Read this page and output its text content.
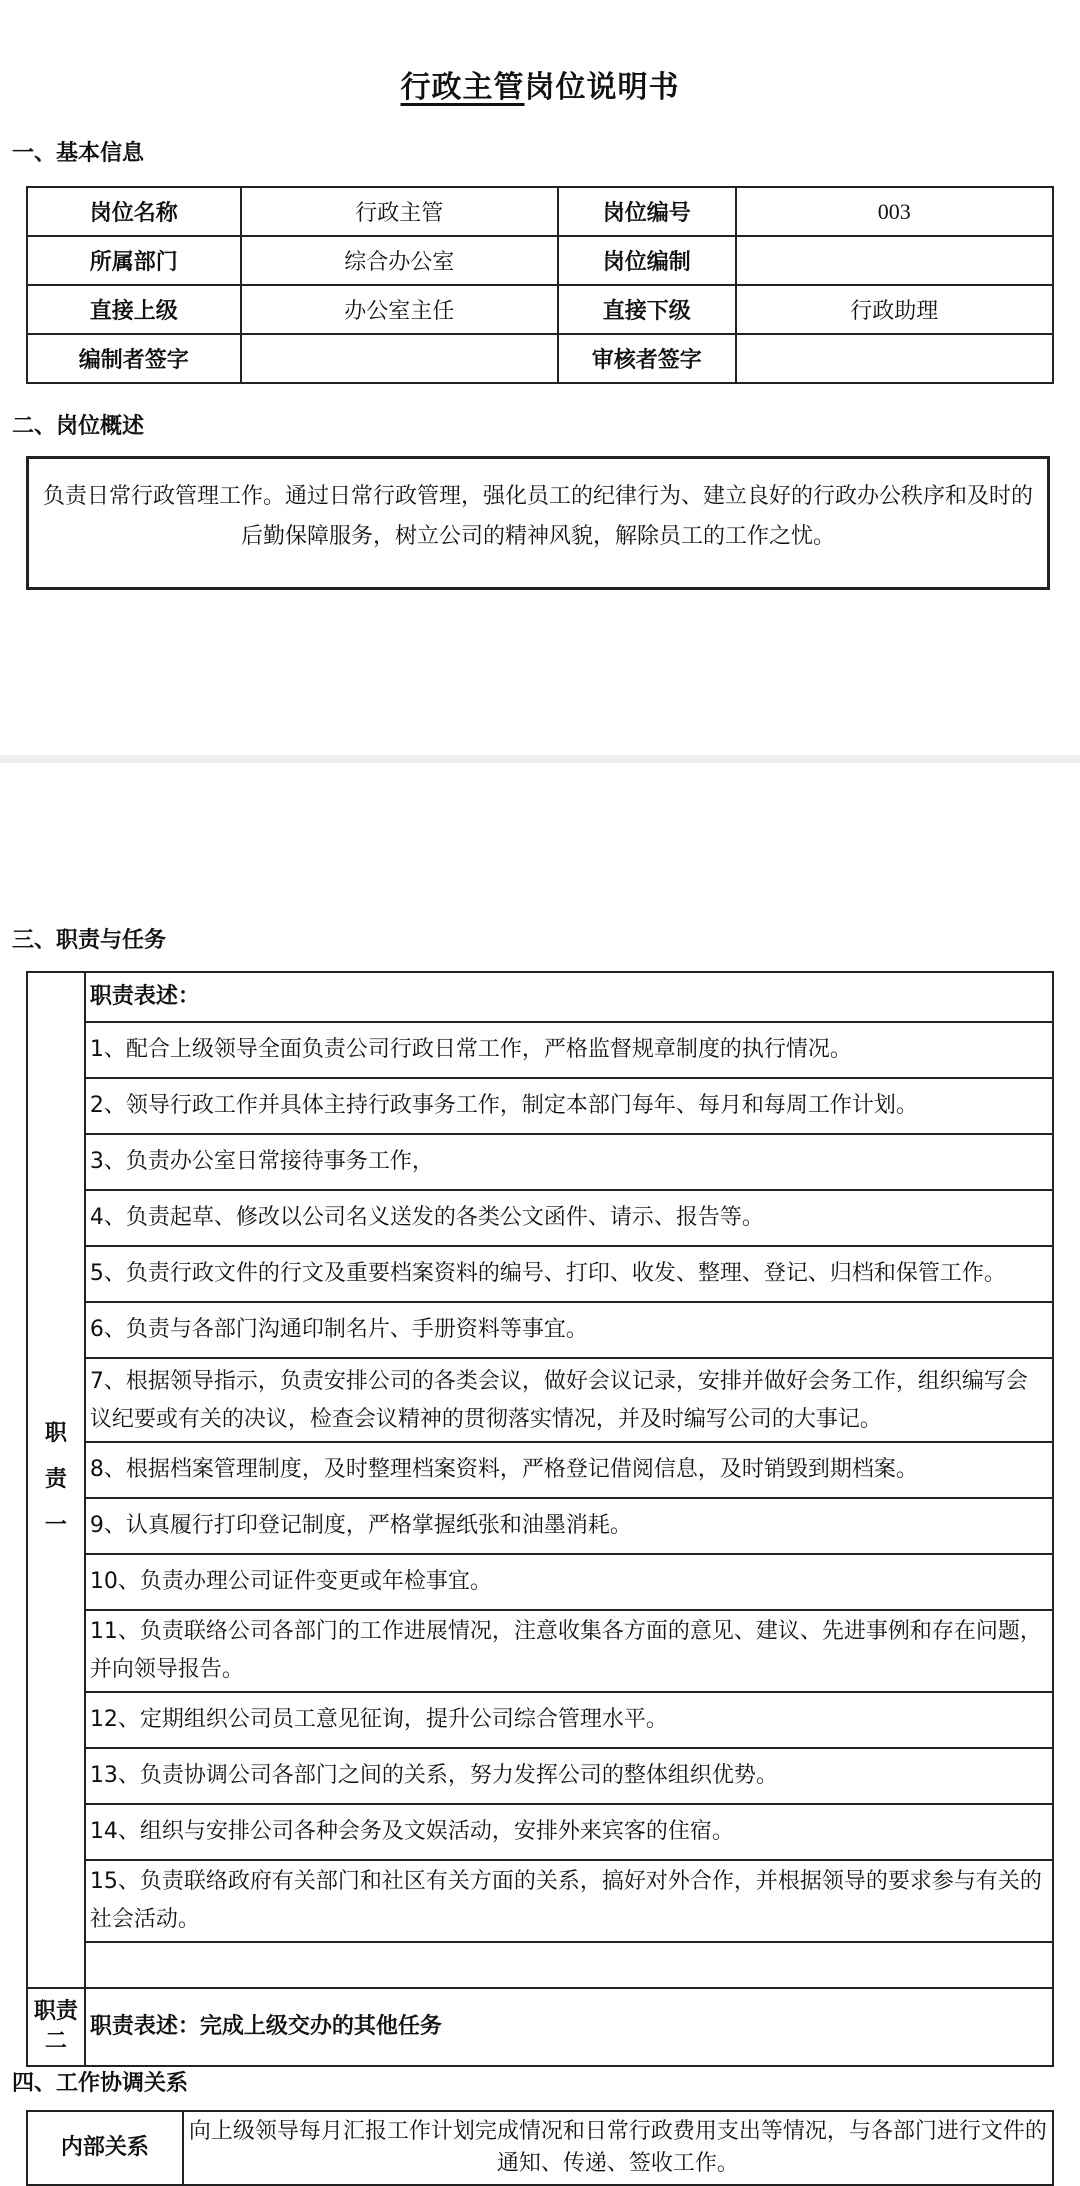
行政主管岗位说明书
一、基本信息
岗位名称	行政主管	岗位编号	003
所属部门	综合办公室	岗位编制	
直接上级	办公室主任	直接下级	行政助理
编制者签字		审核者签字	
二、岗位概述
负责日常行政管理工作。通过日常行政管理，强化员工的纪律行为、建立良好的行政办公秩序和及时的后勤保障服务，树立公司的精神风貌，解除员工的工作之忧。
三、职责与任务
职
责
一	职责表述：
	1、配合上级领导全面负责公司行政日常工作，严格监督规章制度的执行情况。
	2、领导行政工作并具体主持行政事务工作，制定本部门每年、每月和每周工作计划。
	3、负责办公室日常接待事务工作，
	4、负责起草、修改以公司名义送发的各类公文函件、请示、报告等。
	5、负责行政文件的行文及重要档案资料的编号、打印、收发、整理、登记、归档和保管工作。
	6、负责与各部门沟通印制名片、手册资料等事宜。
	7、根据领导指示，负责安排公司的各类会议，做好会议记录，安排并做好会务工作，组织编写会议纪要或有关的决议，检查会议精神的贯彻落实情况，并及时编写公司的大事记。
	8、根据档案管理制度，及时整理档案资料，严格登记借阅信息，及时销毁到期档案。
	9、认真履行打印登记制度，严格掌握纸张和油墨消耗。
	10、负责办理公司证件变更或年检事宜。
	11、负责联络公司各部门的工作进展情况，注意收集各方面的意见、建议、先进事例和存在问题，并向领导报告。
	12、定期组织公司员工意见征询，提升公司综合管理水平。
	13、负责协调公司各部门之间的关系，努力发挥公司的整体组织优势。
	14、组织与安排公司各种会务及文娱活动，安排外来宾客的住宿。
	15、负责联络政府有关部门和社区有关方面的关系，搞好对外合作，并根据领导的要求参与有关的社会活动。

职责二	职责表述：完成上级交办的其他任务
四、工作协调关系
内部关系	向上级领导每月汇报工作计划完成情况和日常行政费用支出等情况，与各部门进行文件的通知、传递、签收工作。
